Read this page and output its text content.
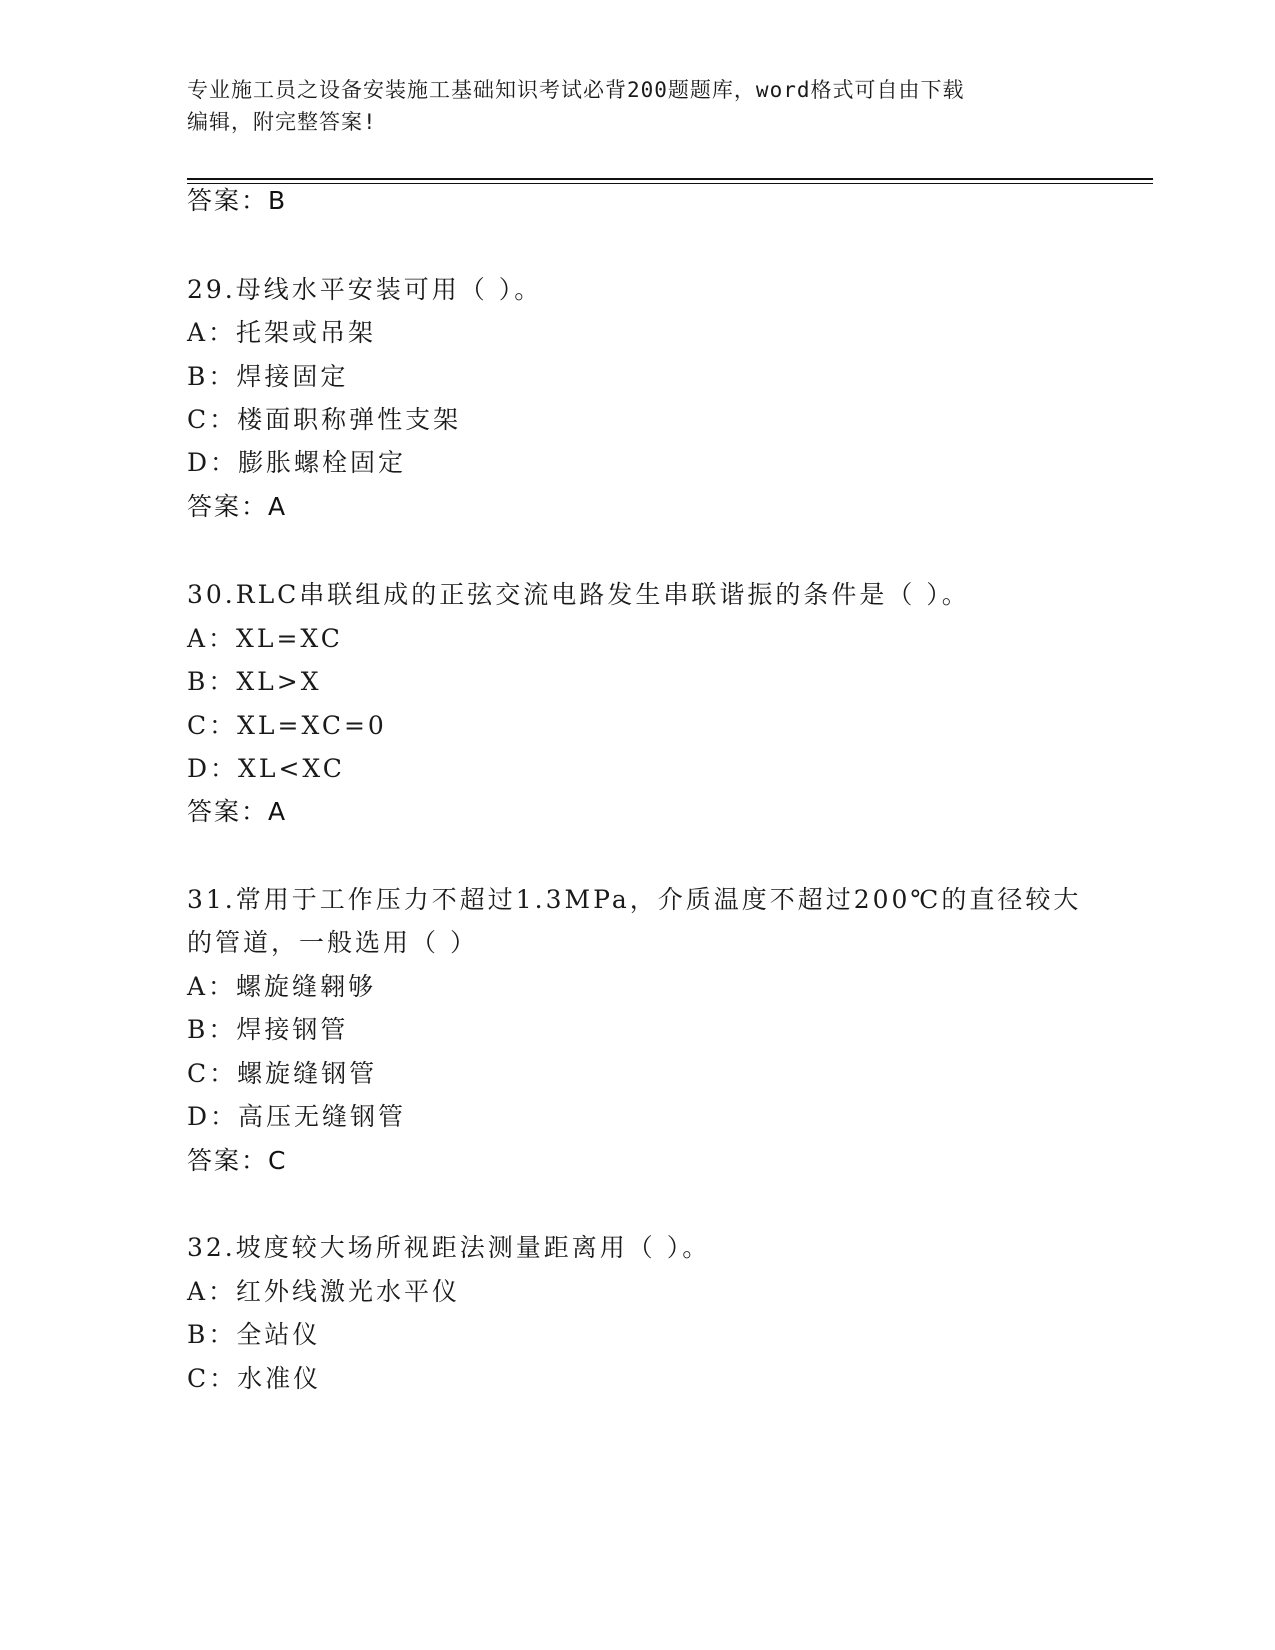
专业施工员之设备安装施工基础知识考试必背200题题库，word格式可自由下载
编辑，附完整答案!
答案：B
29.母线水平安装可用（ ）。
A：托架或吊架
B：焊接固定
C：楼面职称弹性支架
D：膨胀螺栓固定
答案：A
30.RLC串联组成的正弦交流电路发生串联谐振的条件是（ ）。
A：XL=XC
B：XL>X
C：XL=XC=0
D：XL<XC
答案：A
31.常用于工作压力不超过1.3MPa，介质温度不超过200℃的直径较大
的管道，一般选用（ ）
A：螺旋缝翱够
B：焊接钢管
C：螺旋缝钢管
D：高压无缝钢管
答案：C
32.坡度较大场所视距法测量距离用（ ）。
A：红外线激光水平仪
B：全站仪
C：水准仪
